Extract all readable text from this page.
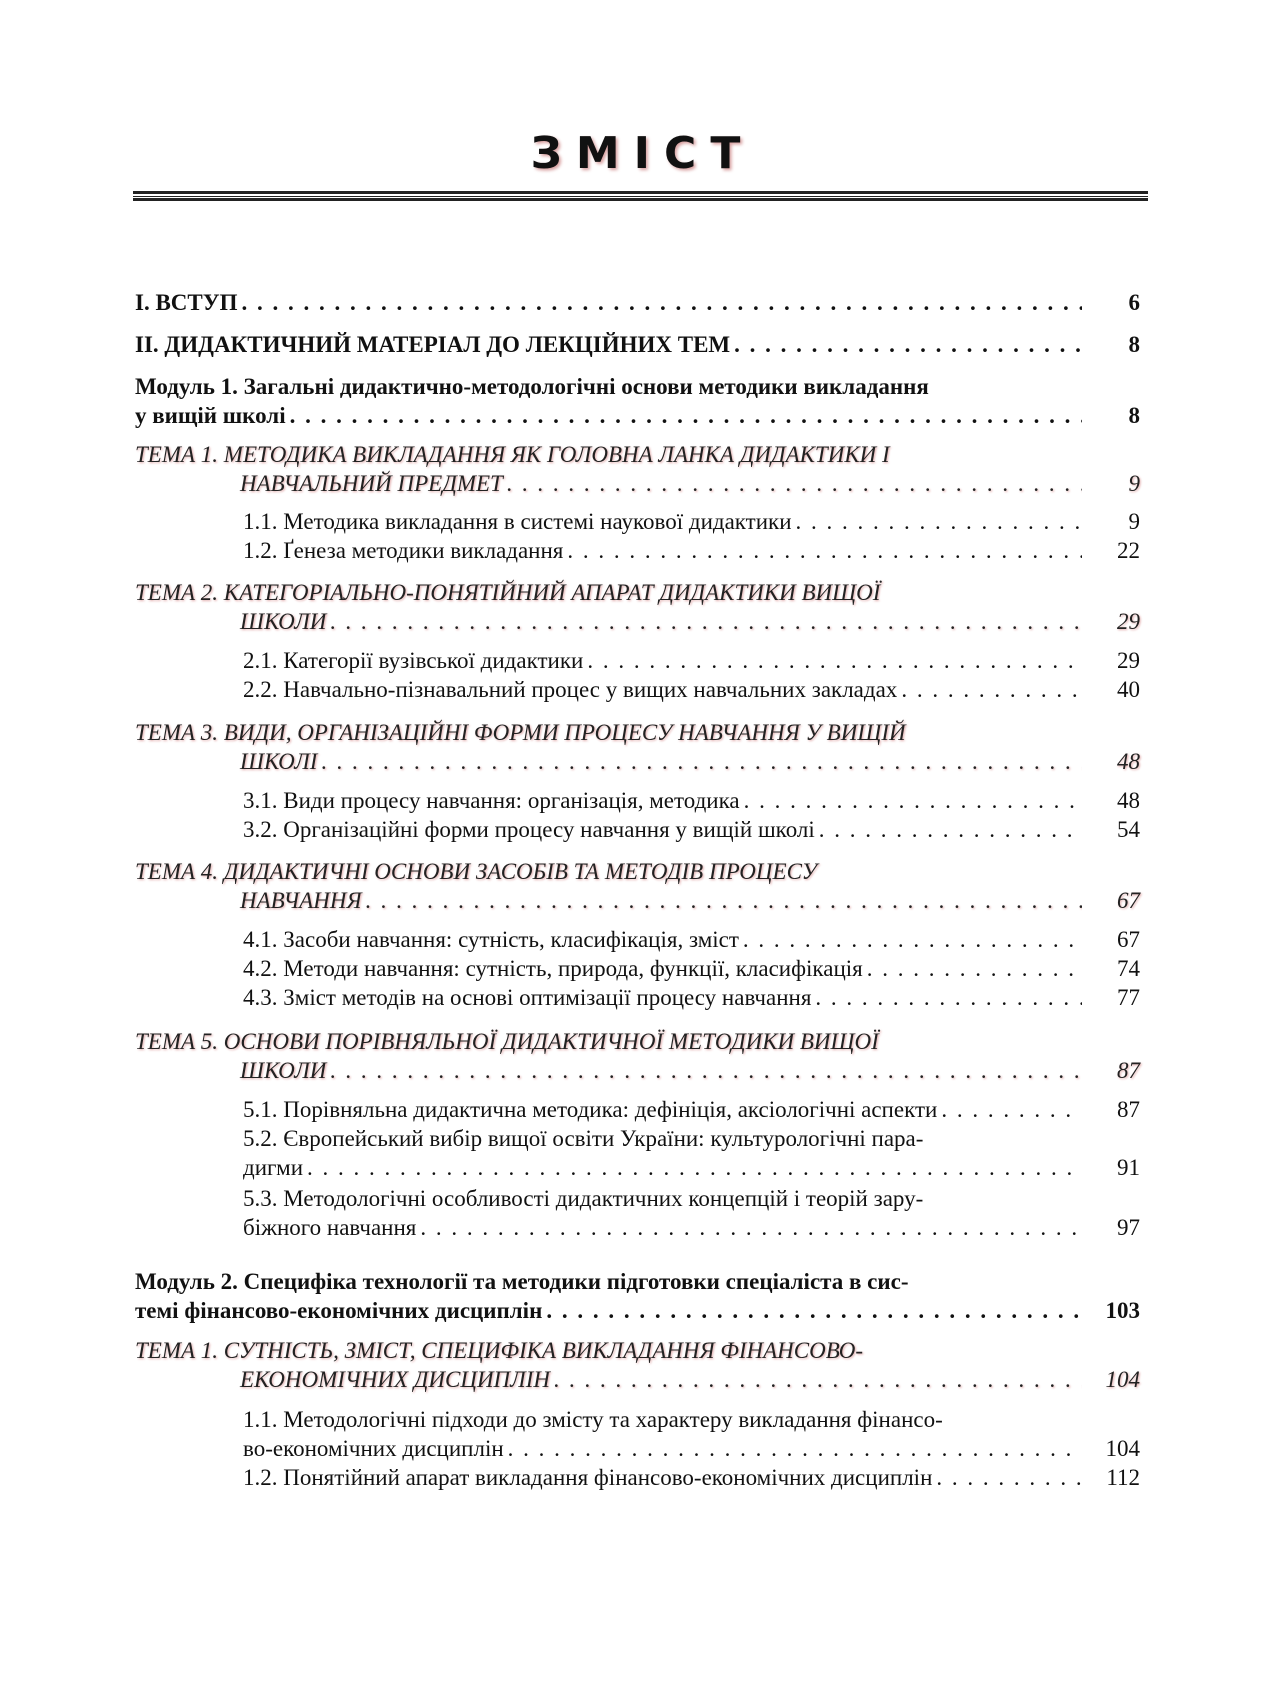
ЗМІСТ
І. ВСТУП . . .	6
ІІ. ДИДАКТИЧНИЙ МАТЕРІАЛ ДО ЛЕКЦІЙНИХ ТЕМ . . .	8
Модуль 1. Загальні дидактично-методологічні основи методики викладання
у вищій школі . . .	8
ТЕМА 1. МЕТОДИКА ВИКЛАДАННЯ ЯК ГОЛОВНА ЛАНКА ДИДАКТИКИ І
НАВЧАЛЬНИЙ ПРЕДМЕТ . . .	9
1.1. Методика викладання в системі наукової дидактики . . .	9
1.2. Ґенеза методики викладання . . .	22
ТЕМА 2. КАТЕГОРІАЛЬНО-ПОНЯТІЙНИЙ АПАРАТ ДИДАКТИКИ ВИЩОЇ
ШКОЛИ . . .	29
2.1. Категорії вузівської дидактики . . .	29
2.2. Навчально-пізнавальний процес у вищих навчальних закладах . . .	40
ТЕМА 3. ВИДИ, ОРГАНІЗАЦІЙНІ ФОРМИ ПРОЦЕСУ НАВЧАННЯ У ВИЩІЙ
ШКОЛІ . . .	48
3.1. Види процесу навчання: організація, методика . . .	48
3.2. Організаційні форми процесу навчання у вищій школі . . .	54
ТЕМА 4. ДИДАКТИЧНІ ОСНОВИ ЗАСОБІВ ТА МЕТОДІВ ПРОЦЕСУ
НАВЧАННЯ . . .	67
4.1. Засоби навчання: сутність, класифікація, зміст . . .	67
4.2. Методи навчання: сутність, природа, функції, класифікація . . .	74
4.3. Зміст методів на основі оптимізації процесу навчання . . .	77
ТЕМА 5. ОСНОВИ ПОРІВНЯЛЬНОЇ ДИДАКТИЧНОЇ МЕТОДИКИ ВИЩОЇ
ШКОЛИ . . .	87
5.1. Порівняльна дидактична методика: дефініція, аксіологічні аспекти . . .	87
5.2. Європейський вибір вищої освіти України: культурологічні пара-
дигми . . .	91
5.3. Методологічні особливості дидактичних концепцій і теорій зару-
біжного навчання . . .	97
Модуль 2. Специфіка технології та методики підготовки спеціаліста в сис-
темі фінансово-економічних дисциплін . . .	103
ТЕМА 1. СУТНІСТЬ, ЗМІСТ, СПЕЦИФІКА ВИКЛАДАННЯ ФІНАНСОВО-
ЕКОНОМІЧНИХ ДИСЦИПЛІН . . .	104
1.1. Методологічні підходи до змісту та характеру викладання фінансо-
во-економічних дисциплін . . .	104
1.2. Понятійний апарат викладання фінансово-економічних дисциплін . . .	112
